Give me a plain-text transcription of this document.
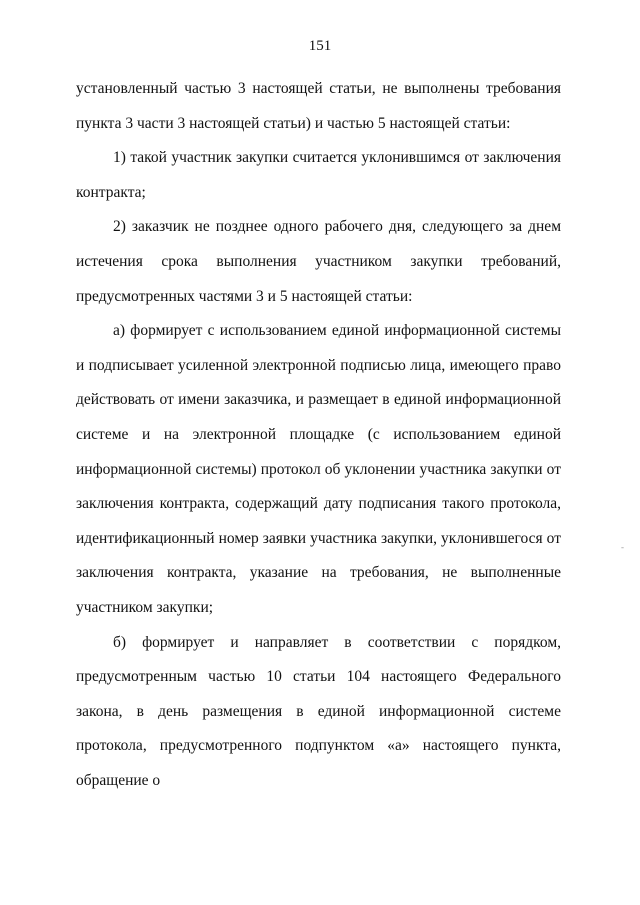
151

установленный частью 3 настоящей статьи, не выполнены требования пункта 3 части 3 настоящей статьи) и частью 5 настоящей статьи:

1) такой участник закупки считается уклонившимся от заключения контракта;

2) заказчик не позднее одного рабочего дня, следующего за днем истечения срока выполнения участником закупки требований, предусмотренных частями 3 и 5 настоящей статьи:

а) формирует с использованием единой информационной системы и подписывает усиленной электронной подписью лица, имеющего право действовать от имени заказчика, и размещает в единой информационной системе и на электронной площадке (с использованием единой информационной системы) протокол об уклонении участника закупки от заключения контракта, содержащий дату подписания такого протокола, идентификационный номер заявки участника закупки, уклонившегося от заключения контракта, указание на требования, не выполненные участником закупки;

б) формирует и направляет в соответствии с порядком, предусмотренным частью 10 статьи 104 настоящего Федерального закона, в день размещения в единой информационной системе протокола, предусмотренного подпунктом «а» настоящего пункта, обращение о

-
